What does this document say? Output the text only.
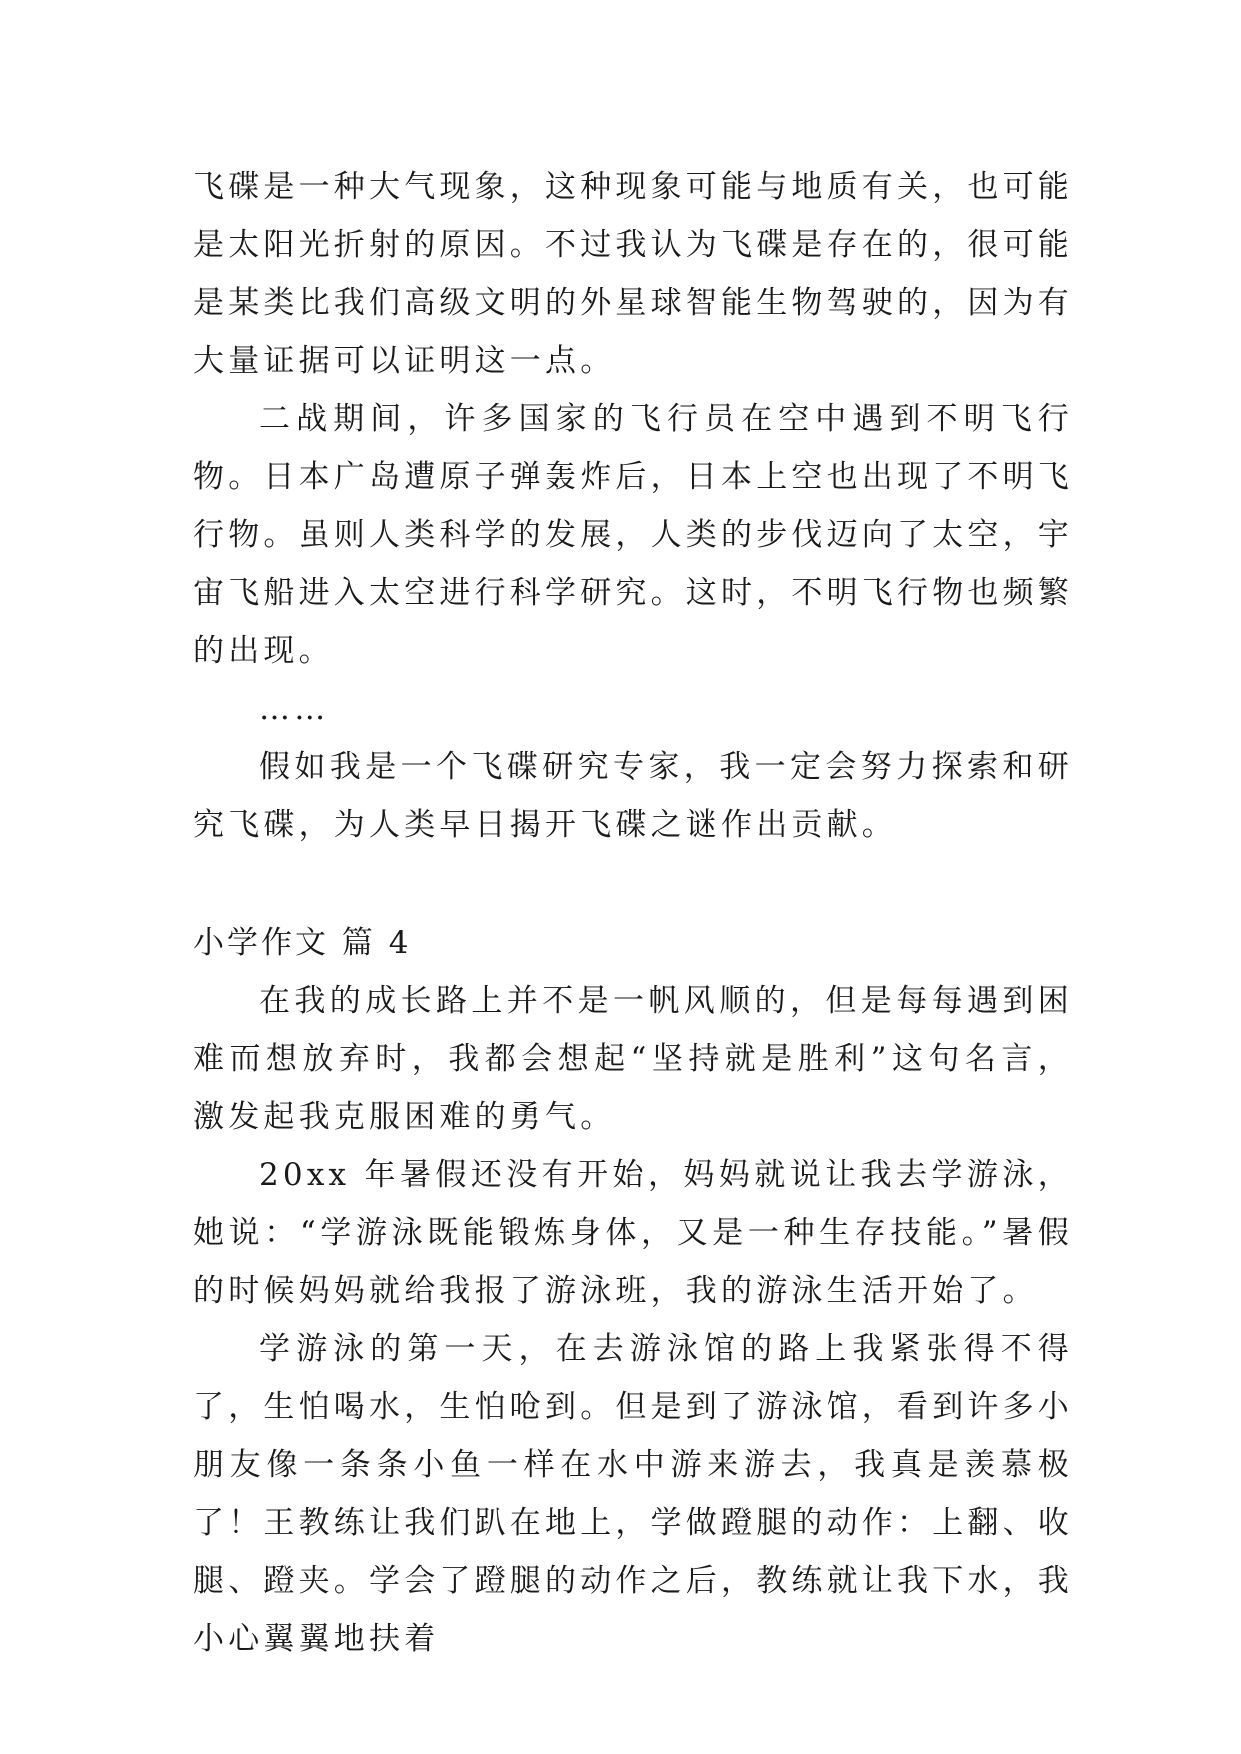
飞碟是一种大气现象，这种现象可能与地质有关，也可能是太阳光折射的原因。不过我认为飞碟是存在的，很可能是某类比我们高级文明的外星球智能生物驾驶的，因为有大量证据可以证明这一点。

二战期间，许多国家的飞行员在空中遇到不明飞行物。日本广岛遭原子弹轰炸后，日本上空也出现了不明飞行物。虽则人类科学的发展，人类的步伐迈向了太空，宇宙飞船进入太空进行科学研究。这时，不明飞行物也频繁的出现。

……

假如我是一个飞碟研究专家，我一定会努力探索和研究飞碟，为人类早日揭开飞碟之谜作出贡献。

小学作文 篇 4

在我的成长路上并不是一帆风顺的，但是每每遇到困难而想放弃时，我都会想起“坚持就是胜利”这句名言，激发起我克服困难的勇气。

20xx 年暑假还没有开始，妈妈就说让我去学游泳，她说：“学游泳既能锻炼身体，又是一种生存技能。”暑假的时候妈妈就给我报了游泳班，我的游泳生活开始了。

学游泳的第一天，在去游泳馆的路上我紧张得不得了，生怕喝水，生怕呛到。但是到了游泳馆，看到许多小朋友像一条条小鱼一样在水中游来游去，我真是羡慕极了！王教练让我们趴在地上，学做蹬腿的动作：上翻、收腿、蹬夹。学会了蹬腿的动作之后，教练就让我下水，我小心翼翼地扶着
